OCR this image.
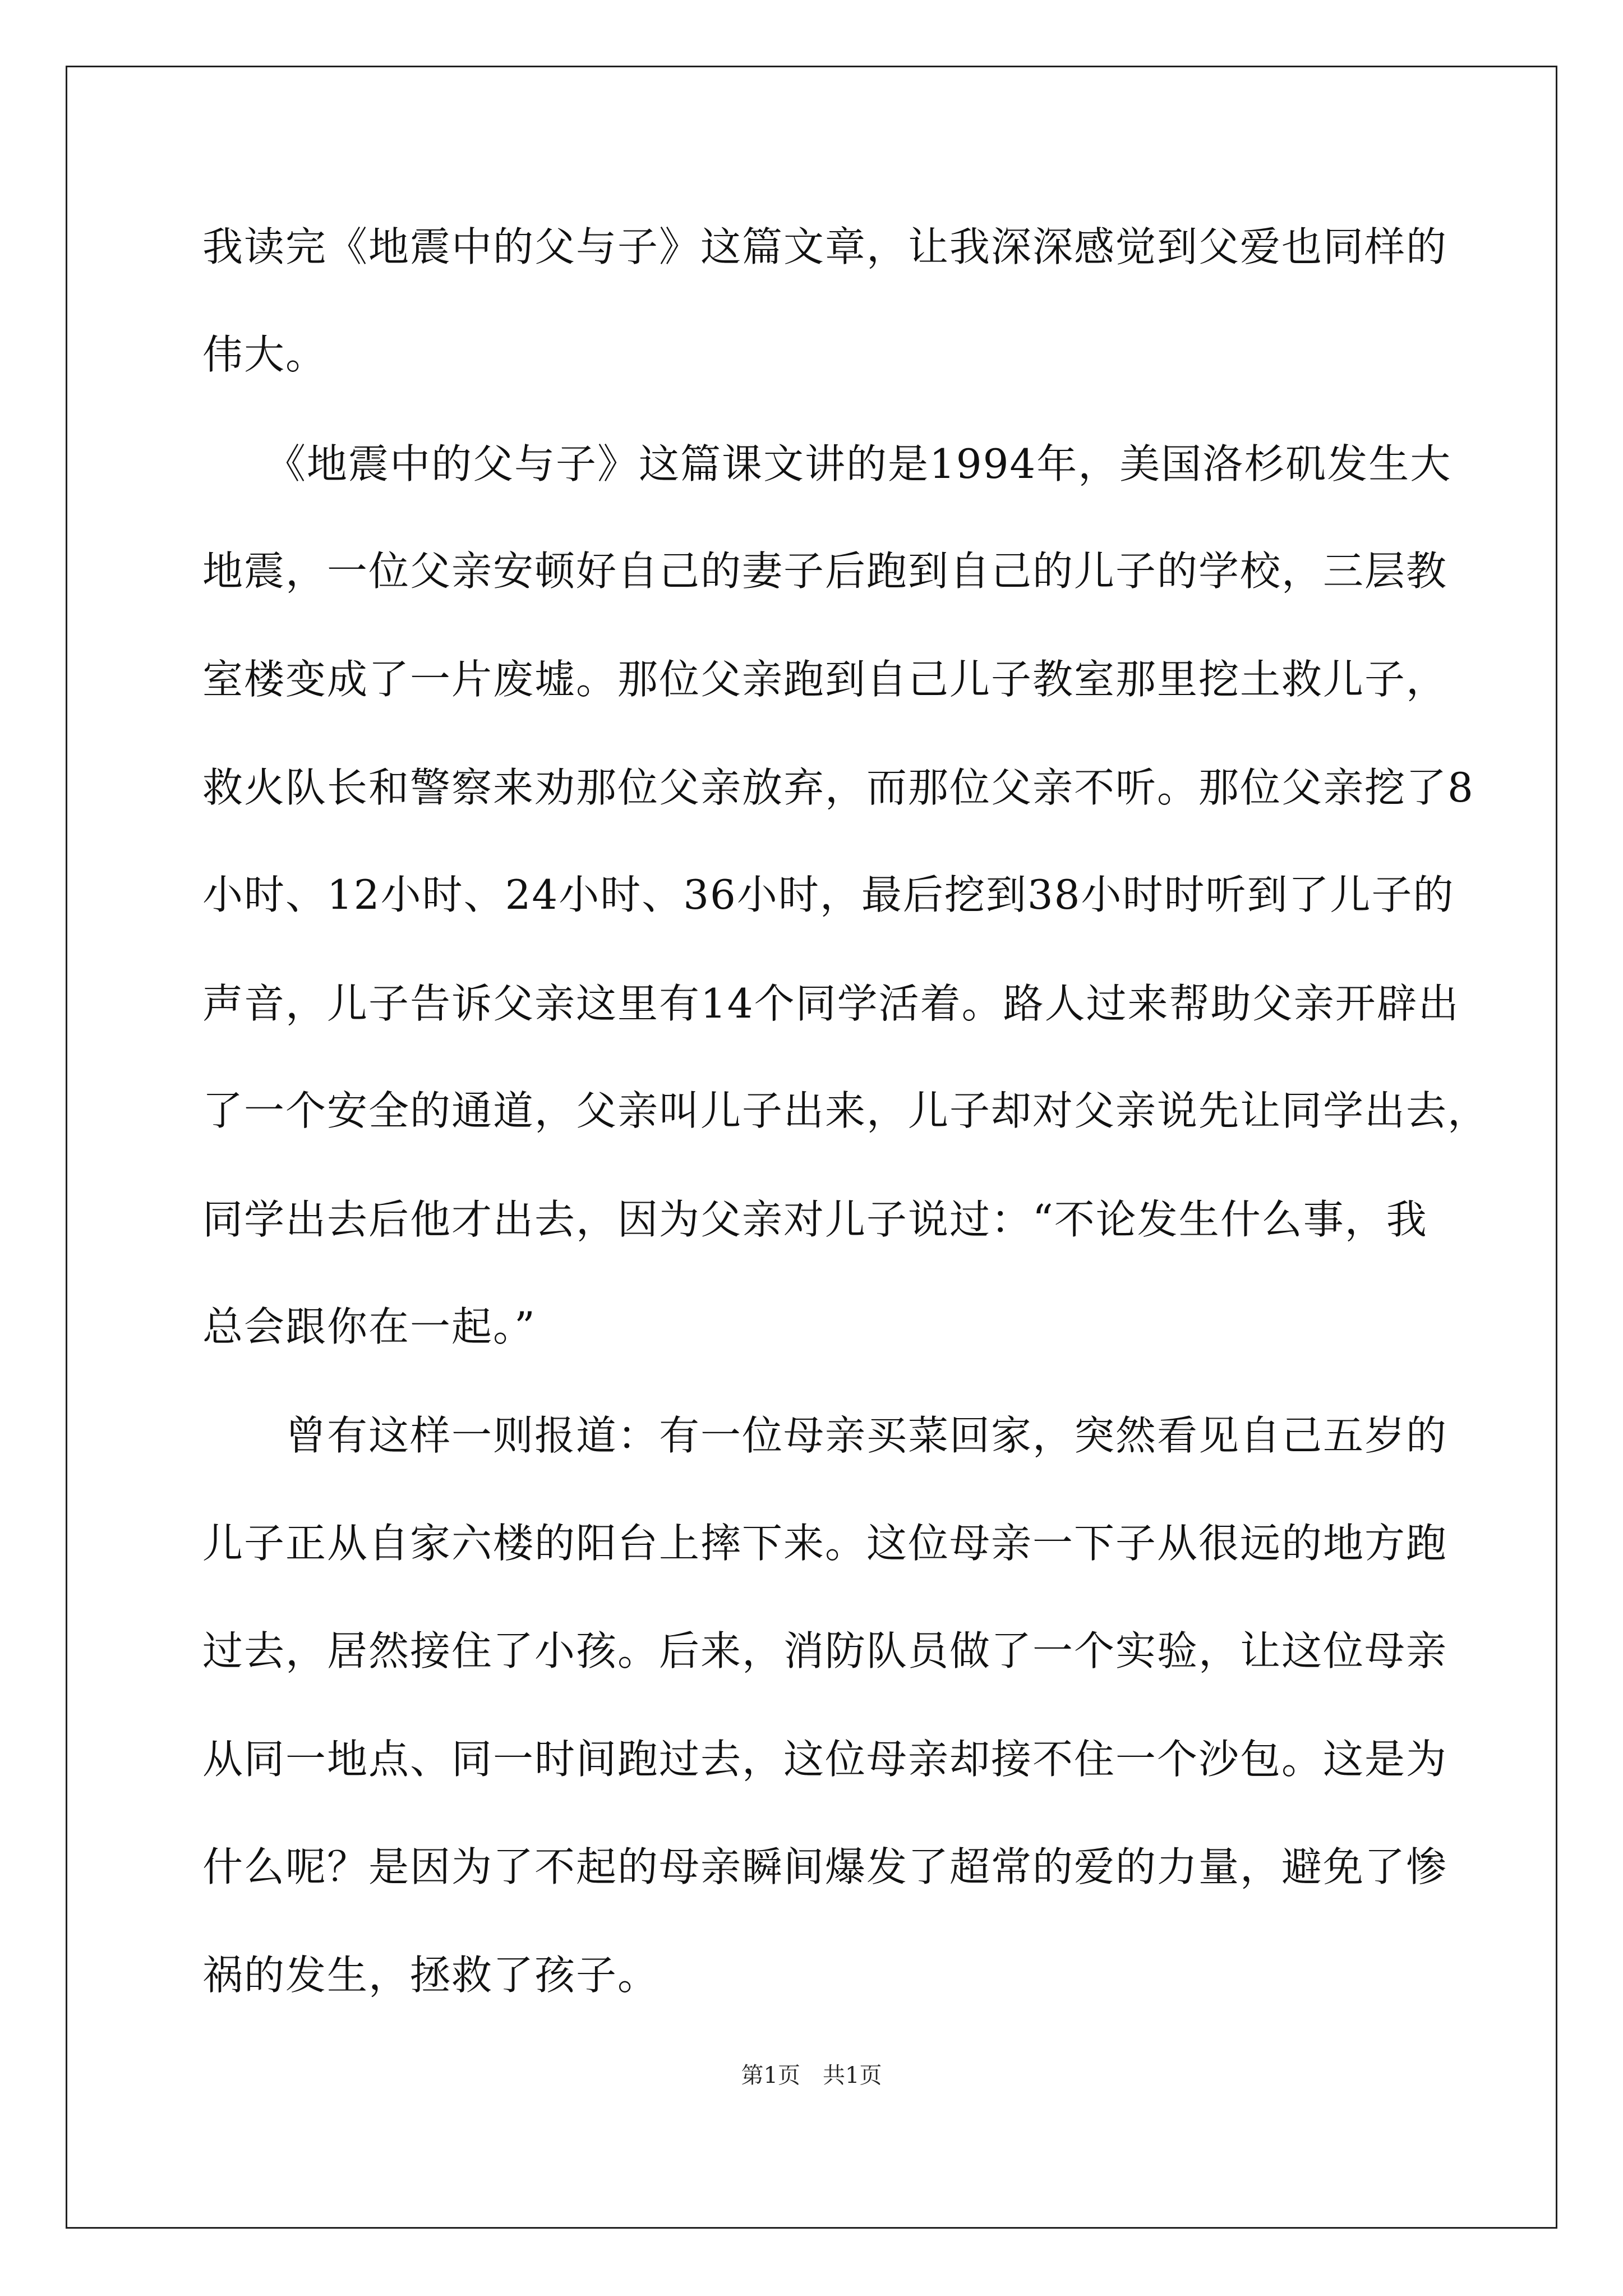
我读完《地震中的父与子》这篇文章，让我深深感觉到父爱也同样的
伟大。
　　《地震中的父与子》这篇课文讲的是1994年，美国洛杉矶发生大
地震，一位父亲安顿好自己的妻子后跑到自己的儿子的学校，三层教
室楼变成了一片废墟。那位父亲跑到自己儿子教室那里挖土救儿子，
救火队长和警察来劝那位父亲放弃，而那位父亲不听。那位父亲挖了8
小时、12小时、24小时、36小时，最后挖到38小时时听到了儿子的
声音，儿子告诉父亲这里有14个同学活着。路人过来帮助父亲开辟出
了一个安全的通道，父亲叫儿子出来，儿子却对父亲说先让同学出去，
同学出去后他才出去，因为父亲对儿子说过：“不论发生什么事，我
总会跟你在一起。”
　　曾有这样一则报道：有一位母亲买菜回家，突然看见自己五岁的
儿子正从自家六楼的阳台上摔下来。这位母亲一下子从很远的地方跑
过去，居然接住了小孩。后来，消防队员做了一个实验，让这位母亲
从同一地点、同一时间跑过去，这位母亲却接不住一个沙包。这是为
什么呢？是因为了不起的母亲瞬间爆发了超常的爱的力量，避免了惨
祸的发生，拯救了孩子。
第1页　共1页
